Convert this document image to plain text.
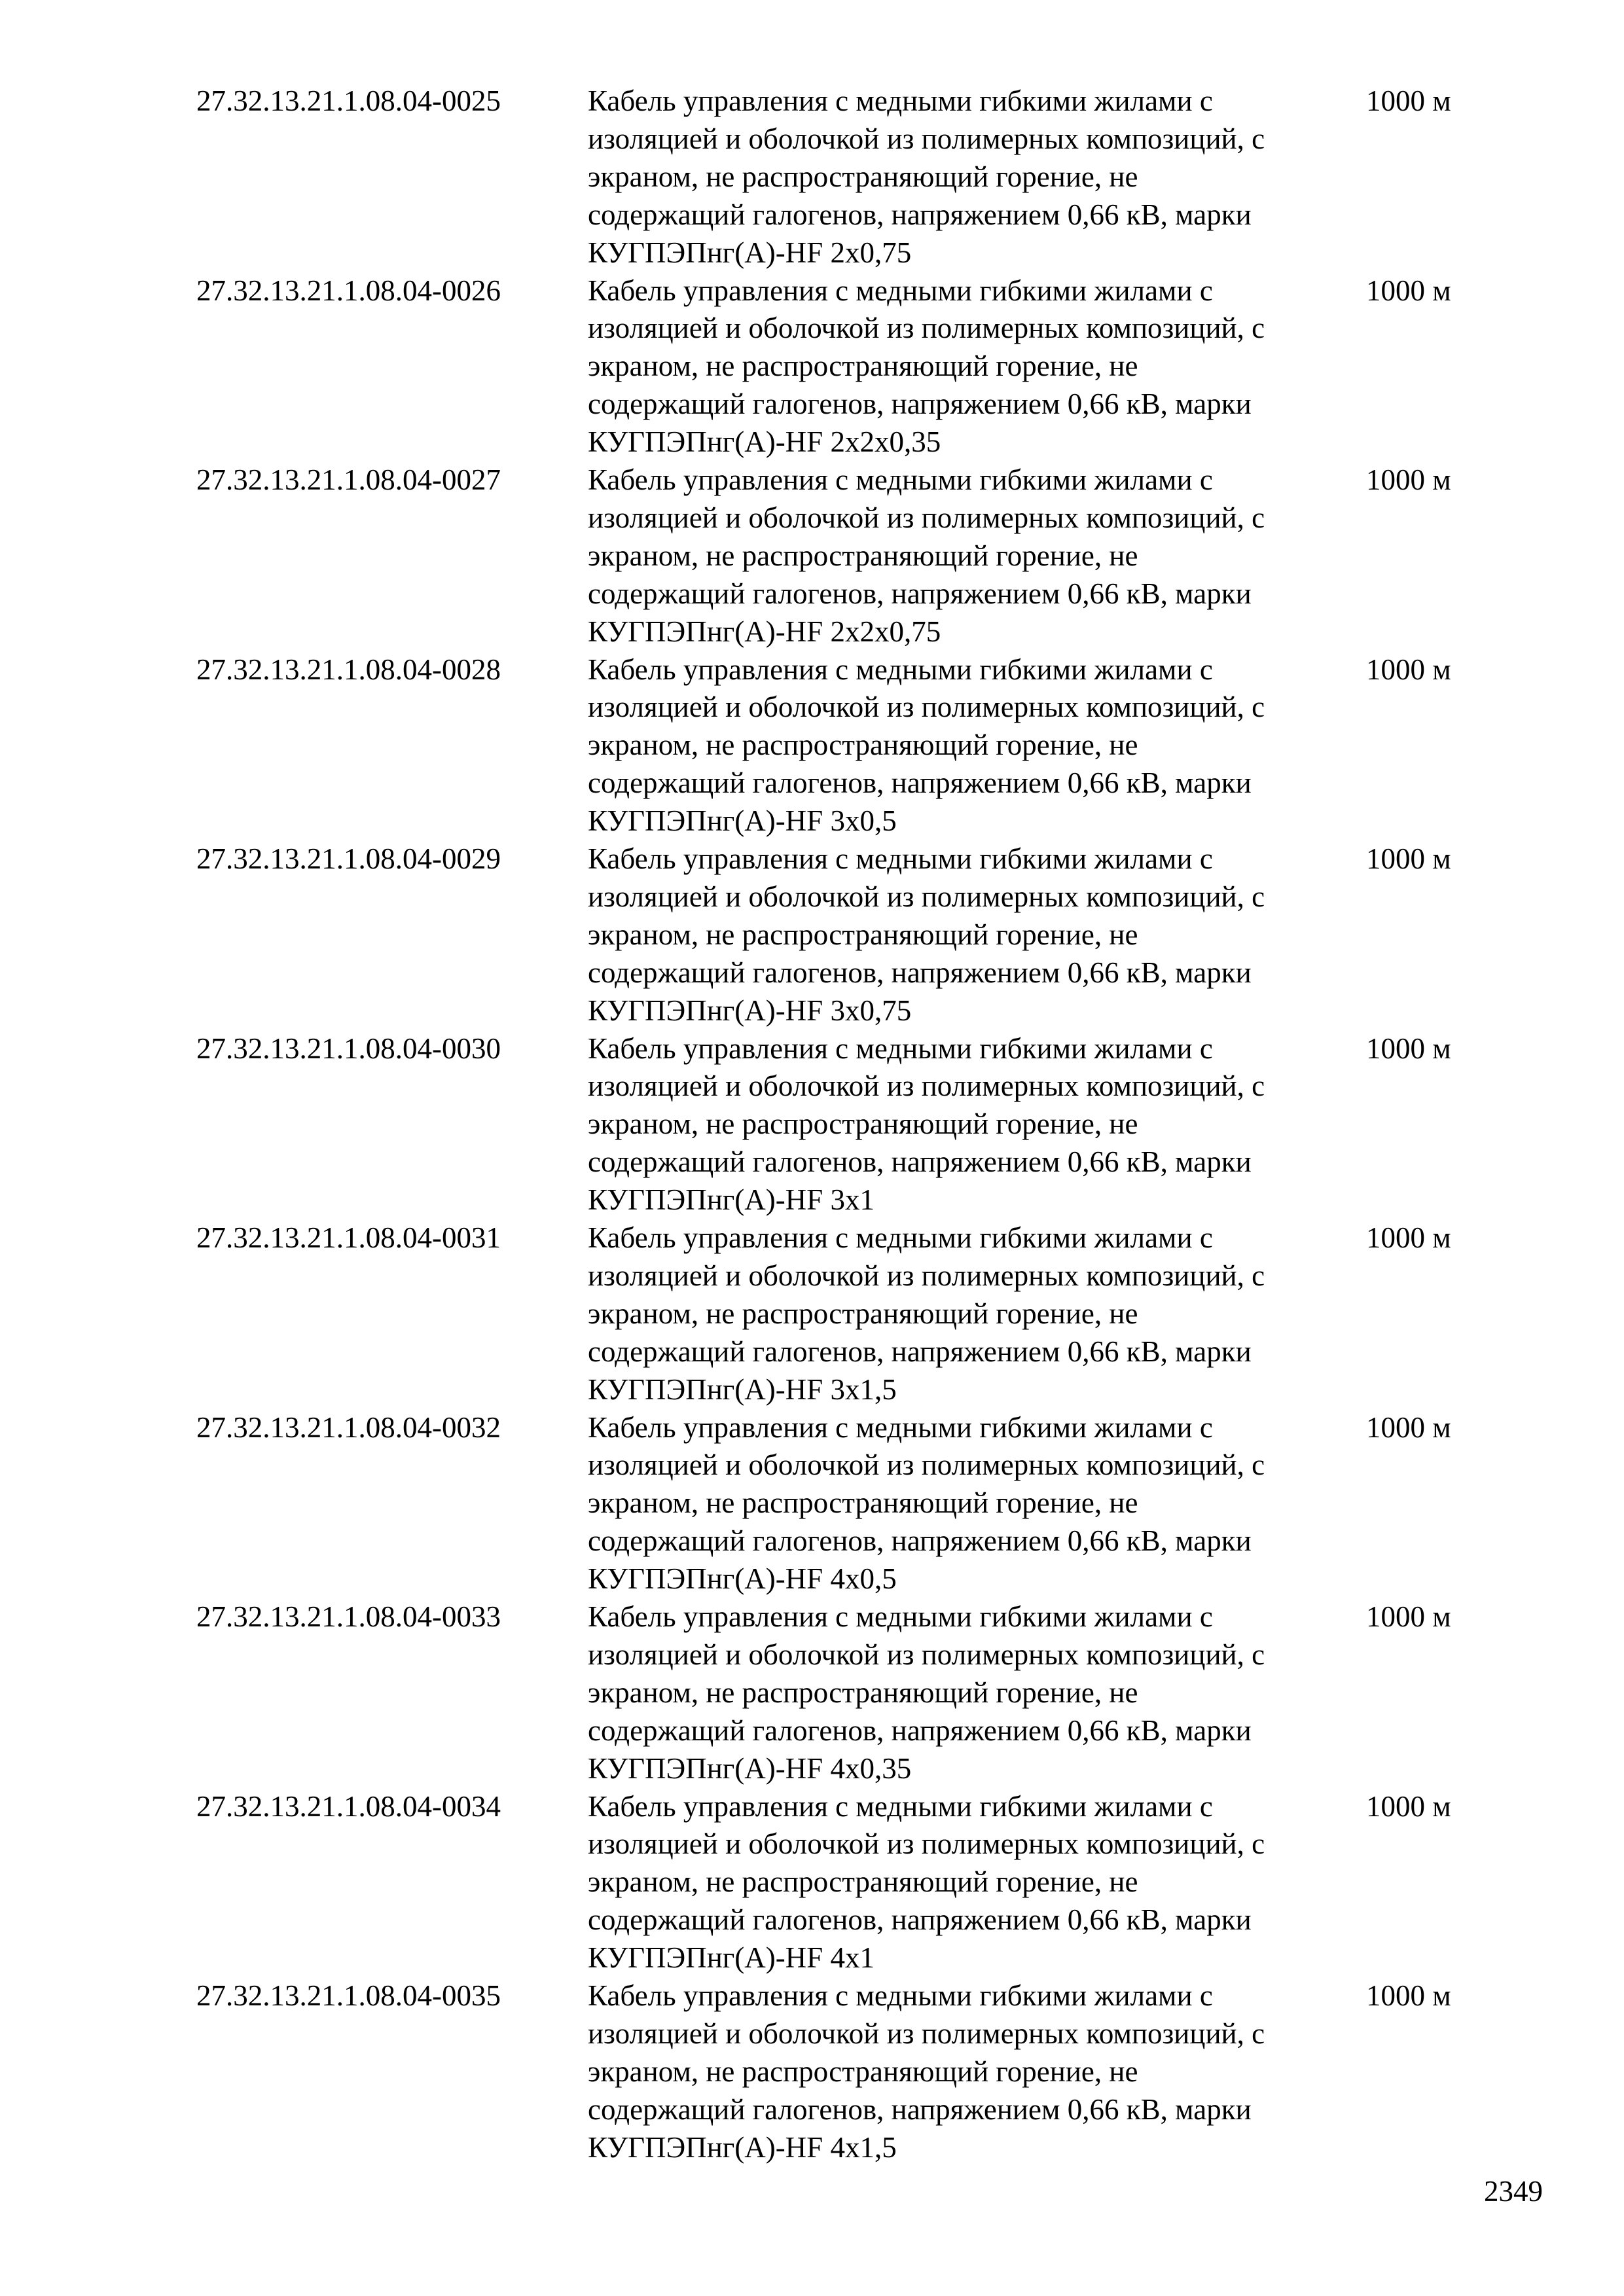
27.32.13.21.1.08.04-0025	Кабель управления с медными гибкими жилами с
изоляцией и оболочкой из полимерных композиций, с
экраном, не распространяющий горение, не
содержащий галогенов, напряжением 0,66 кВ, марки
КУГПЭПнг(А)-HF 2х0,75
1000 м
27.32.13.21.1.08.04-0026	Кабель управления с медными гибкими жилами с
изоляцией и оболочкой из полимерных композиций, с
экраном, не распространяющий горение, не
содержащий галогенов, напряжением 0,66 кВ, марки
КУГПЭПнг(А)-HF 2х2х0,35
1000 м
27.32.13.21.1.08.04-0027	Кабель управления с медными гибкими жилами с
изоляцией и оболочкой из полимерных композиций, с
экраном, не распространяющий горение, не
содержащий галогенов, напряжением 0,66 кВ, марки
КУГПЭПнг(А)-HF 2х2х0,75
1000 м
27.32.13.21.1.08.04-0028	Кабель управления с медными гибкими жилами с
изоляцией и оболочкой из полимерных композиций, с
экраном, не распространяющий горение, не
содержащий галогенов, напряжением 0,66 кВ, марки
КУГПЭПнг(А)-HF 3х0,5
1000 м
27.32.13.21.1.08.04-0029	Кабель управления с медными гибкими жилами с
изоляцией и оболочкой из полимерных композиций, с
экраном, не распространяющий горение, не
содержащий галогенов, напряжением 0,66 кВ, марки
КУГПЭПнг(А)-HF 3х0,75
1000 м
27.32.13.21.1.08.04-0030	Кабель управления с медными гибкими жилами с
изоляцией и оболочкой из полимерных композиций, с
экраном, не распространяющий горение, не
содержащий галогенов, напряжением 0,66 кВ, марки
КУГПЭПнг(А)-HF 3х1
1000 м
27.32.13.21.1.08.04-0031	Кабель управления с медными гибкими жилами с
изоляцией и оболочкой из полимерных композиций, с
экраном, не распространяющий горение, не
содержащий галогенов, напряжением 0,66 кВ, марки
КУГПЭПнг(А)-HF 3х1,5
1000 м
27.32.13.21.1.08.04-0032	Кабель управления с медными гибкими жилами с
изоляцией и оболочкой из полимерных композиций, с
экраном, не распространяющий горение, не
содержащий галогенов, напряжением 0,66 кВ, марки
КУГПЭПнг(А)-HF 4х0,5
1000 м
27.32.13.21.1.08.04-0033	Кабель управления с медными гибкими жилами с
изоляцией и оболочкой из полимерных композиций, с
экраном, не распространяющий горение, не
содержащий галогенов, напряжением 0,66 кВ, марки
КУГПЭПнг(А)-HF 4х0,35
1000 м
27.32.13.21.1.08.04-0034	Кабель управления с медными гибкими жилами с
изоляцией и оболочкой из полимерных композиций, с
экраном, не распространяющий горение, не
содержащий галогенов, напряжением 0,66 кВ, марки
КУГПЭПнг(А)-HF 4х1
1000 м
27.32.13.21.1.08.04-0035	Кабель управления с медными гибкими жилами с
изоляцией и оболочкой из полимерных композиций, с
экраном, не распространяющий горение, не
содержащий галогенов, напряжением 0,66 кВ, марки
КУГПЭПнг(А)-HF 4х1,5
1000 м
2349
